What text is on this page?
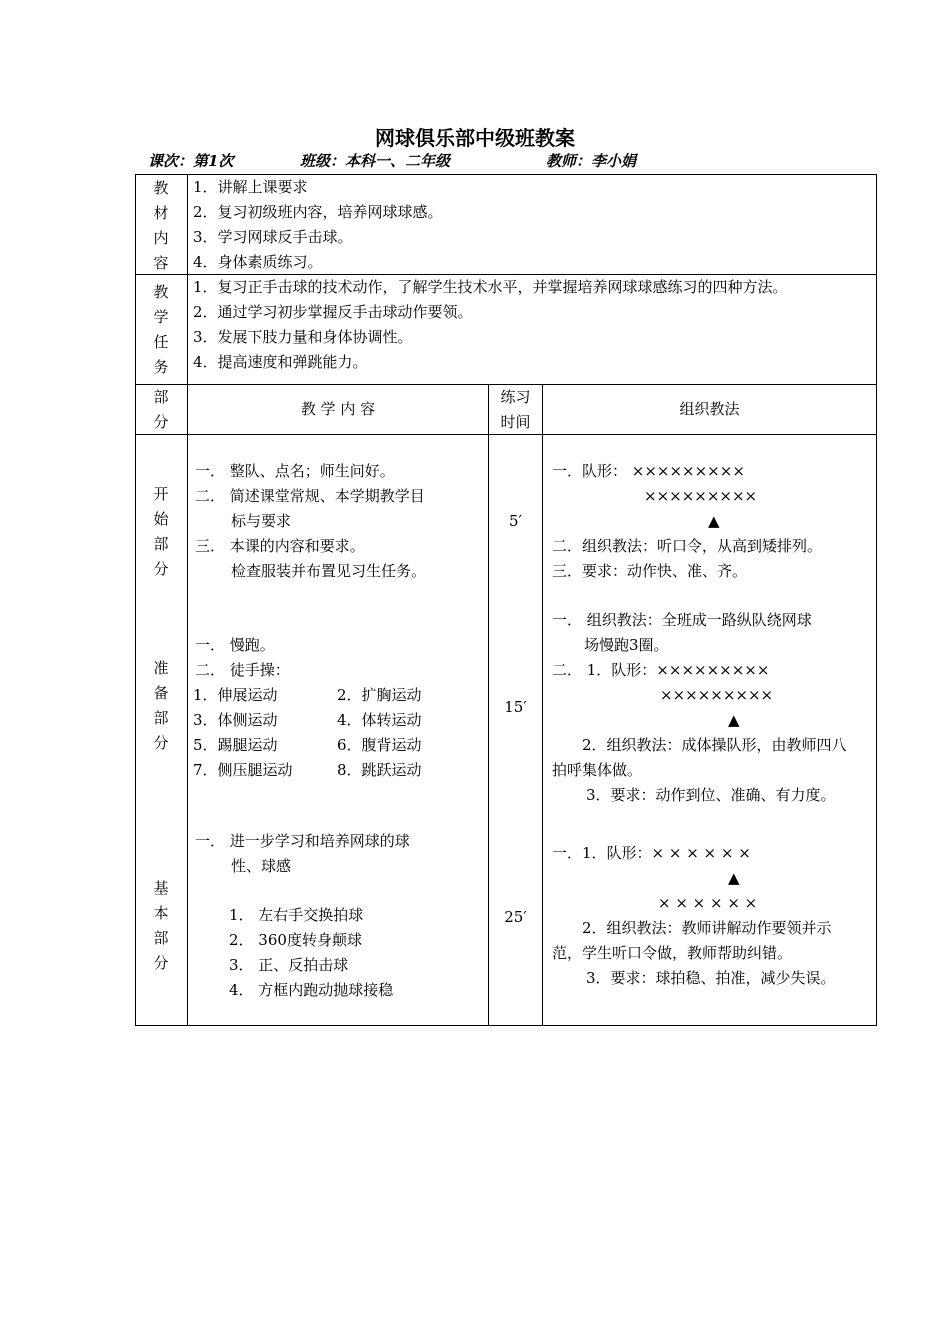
网球俱乐部中级班教案
课次：第1次	班级：本科一、二年级	教师：李小娟
教
材
内
容
1．讲解上课要求
2．复习初级班内容，培养网球球感。
3．学习网球反手击球。
4．身体素质练习。
教
学
任
务
1．复习正手击球的技术动作，了解学生技术水平，并掌握培养网球球感练习的四种方法。
2．通过学习初步掌握反手击球动作要领。
3．发展下肢力量和身体协调性。
4．提高速度和弹跳能力。
部
分
教 学 内 容
练习
时间
组织教法
开
始
部
分
一． 整队、点名；师生问好。
二． 简述课堂常规、本学期教学目
标与要求
三． 本课的内容和要求。
检查服装并布置见习生任务。
5′
一．队形： ×××××××××
×××××××××
▲
二．组织教法：听口令，从高到矮排列。
三．要求：动作快、准、齐。
准
备
部
分
一． 慢跑。
二． 徒手操：
1．伸展运动
3．体侧运动
5．踢腿运动
7．侧压腿运动
2．扩胸运动
4．体转运动
6．腹背运动
8．跳跃运动
15′
一． 组织教法：全班成一路纵队绕网球
场慢跑3圈。
二． 1．队形：×××××××××
×××××××××
▲
2．组织教法：成体操队形，由教师四八
拍呼集体做。
3．要求：动作到位、准确、有力度。
基
本
部
分
一． 进一步学习和培养网球的球
性、球感
1． 左右手交换拍球
2． 360度转身颠球
3． 正、反拍击球
4． 方框内跑动抛球接稳
25′
一．1．队形：× × × × × ×
▲
× × × × × ×
2．组织教法：教师讲解动作要领并示
范，学生听口令做，教师帮助纠错。
3．要求：球拍稳、拍准，减少失误。
